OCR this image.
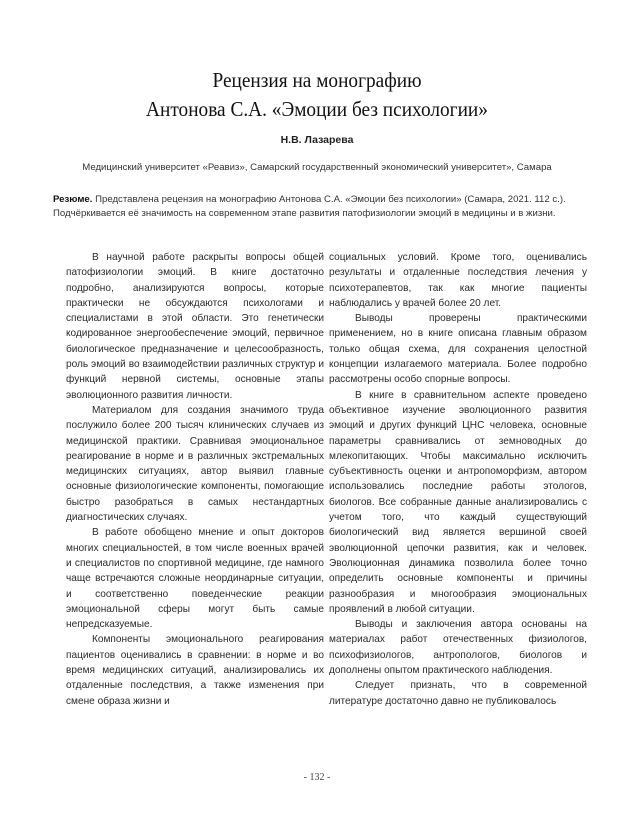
Рецензия на монографию
Антонова С.А. «Эмоции без психологии»
Н.В. Лазарева
Медицинский университет «Реавиз», Самарский государственный экономический университет», Самара
Резюме. Представлена рецензия на монографию Антонова С.А. «Эмоции без психологии» (Самара, 2021. 112 с.). Подчёркивается её значимость на современном этапе развития патофизиологии эмоций в медицины и в жизни.

В научной работе раскрыты вопросы общей патофизиологии эмоций. В книге достаточно подробно, анализируются вопросы, которые практически не обсуждаются психологами и специалистами в этой области. Это генетически кодированное энергообеспечение эмоций, первичное биологическое предназначение и целесообразность, роль эмоций во взаимодействии различных структур и функций нервной системы, основные этапы эволюционного развития личности.

Материалом для создания значимого труда послужило более 200 тысяч клинических случаев из медицинской практики. Сравнивая эмоциональное реагирование в норме и в различных экстремальных медицинских ситуациях, автор выявил главные основные физиологические компоненты, помогающие быстро разобраться в самых нестандартных диагностических случаях.

В работе обобщено мнение и опыт докторов многих специальностей, в том числе военных врачей и специалистов по спортивной медицине, где намного чаще встречаются сложные неординарные ситуации, и соответственно поведенческие реакции эмоциональной сферы могут быть самые непредсказуемые.

Компоненты эмоционального реагирования пациентов оценивались в сравнении: в норме и во время медицинских ситуаций, анализировались их отдаленные последствия, а также изменения при смене образа жизни и

социальных условий. Кроме того, оценивались результаты и отдаленные последствия лечения у психотерапевтов, так как многие пациенты наблюдались у врачей более 20 лет.

Выводы проверены практическими применением, но в книге описана главным образом только общая схема, для сохранения целостной концепции излагаемого материала. Более подробно рассмотрены особо спорные вопросы.

В книге в сравнительном аспекте проведено объективное изучение эволюционного развития эмоций и других функций ЦНС человека, основные параметры сравнивались от земноводных до млекопитающих. Чтобы максимально исключить субъективность оценки и антропоморфизм, автором использовались последние работы этологов, биологов. Все собранные данные анализировались с учетом того, что каждый существующий биологический вид является вершиной своей эволюционной цепочки развития, как и человек. Эволюционная динамика позволила более точно определить основные компоненты и причины разнообразия и многообразия эмоциональных проявлений в любой ситуации.

Выводы и заключения автора основаны на материалах работ отечественных физиологов, психофизиологов, антропологов, биологов и дополнены опытом практического наблюдения.

Следует признать, что в современной литературе достаточно давно не публиковалось

- 132 -
